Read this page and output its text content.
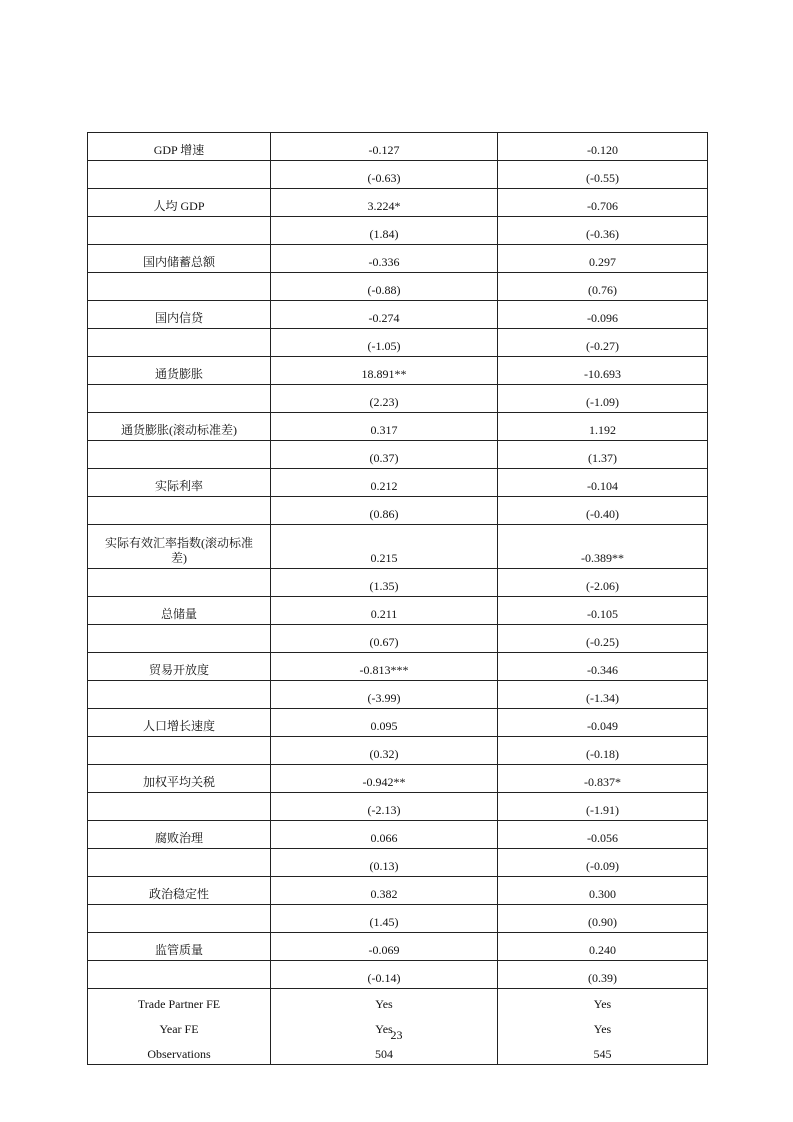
GDP 增速	-0.127	-0.120
	(-0.63)	(-0.55)
人均 GDP	3.224*	-0.706
	(1.84)	(-0.36)
国内储蓄总额	-0.336	0.297
	(-0.88)	(0.76)
国内信贷	-0.274	-0.096
	(-1.05)	(-0.27)
通货膨胀	18.891**	-10.693
	(2.23)	(-1.09)
通货膨胀(滚动标准差)	0.317	1.192
	(0.37)	(1.37)
实际利率	0.212	-0.104
	(0.86)	(-0.40)
实际有效汇率指数(滚动标准差)	0.215	-0.389**
	(1.35)	(-2.06)
总储量	0.211	-0.105
	(0.67)	(-0.25)
贸易开放度	-0.813***	-0.346
	(-3.99)	(-1.34)
人口增长速度	0.095	-0.049
	(0.32)	(-0.18)
加权平均关税	-0.942**	-0.837*
	(-2.13)	(-1.91)
腐败治理	0.066	-0.056
	(0.13)	(-0.09)
政治稳定性	0.382	0.300
	(1.45)	(0.90)
监管质量	-0.069	0.240
	(-0.14)	(0.39)
Trade Partner FE	Yes	Yes
Year FE	Yes	Yes
Observations	504	545
23
